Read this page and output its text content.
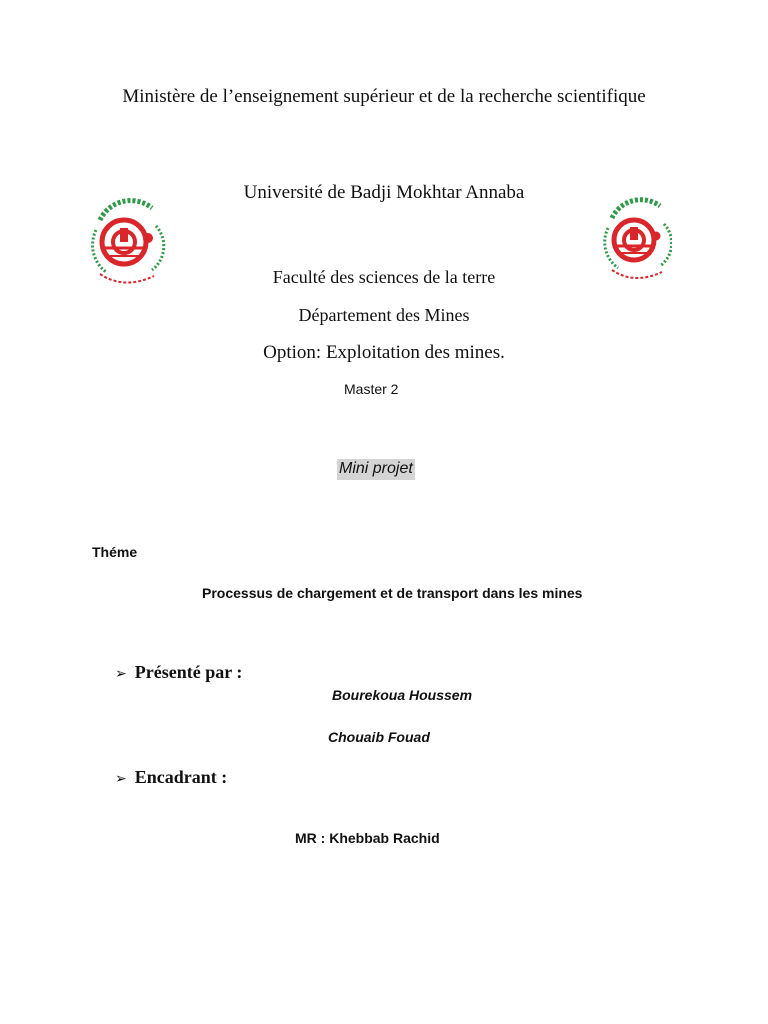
Ministère de l’enseignement supérieur et de la recherche scientifique
Université de Badji Mokhtar Annaba
Faculté des sciences de la terre
Département des Mines
Option: Exploitation des mines.
Master 2
Mini projet
Théme
Processus de chargement et de transport dans les mines
➢ Présenté par :
Bourekoua Houssem
Chouaib Fouad
➢ Encadrant :
MR : Khebbab Rachid
